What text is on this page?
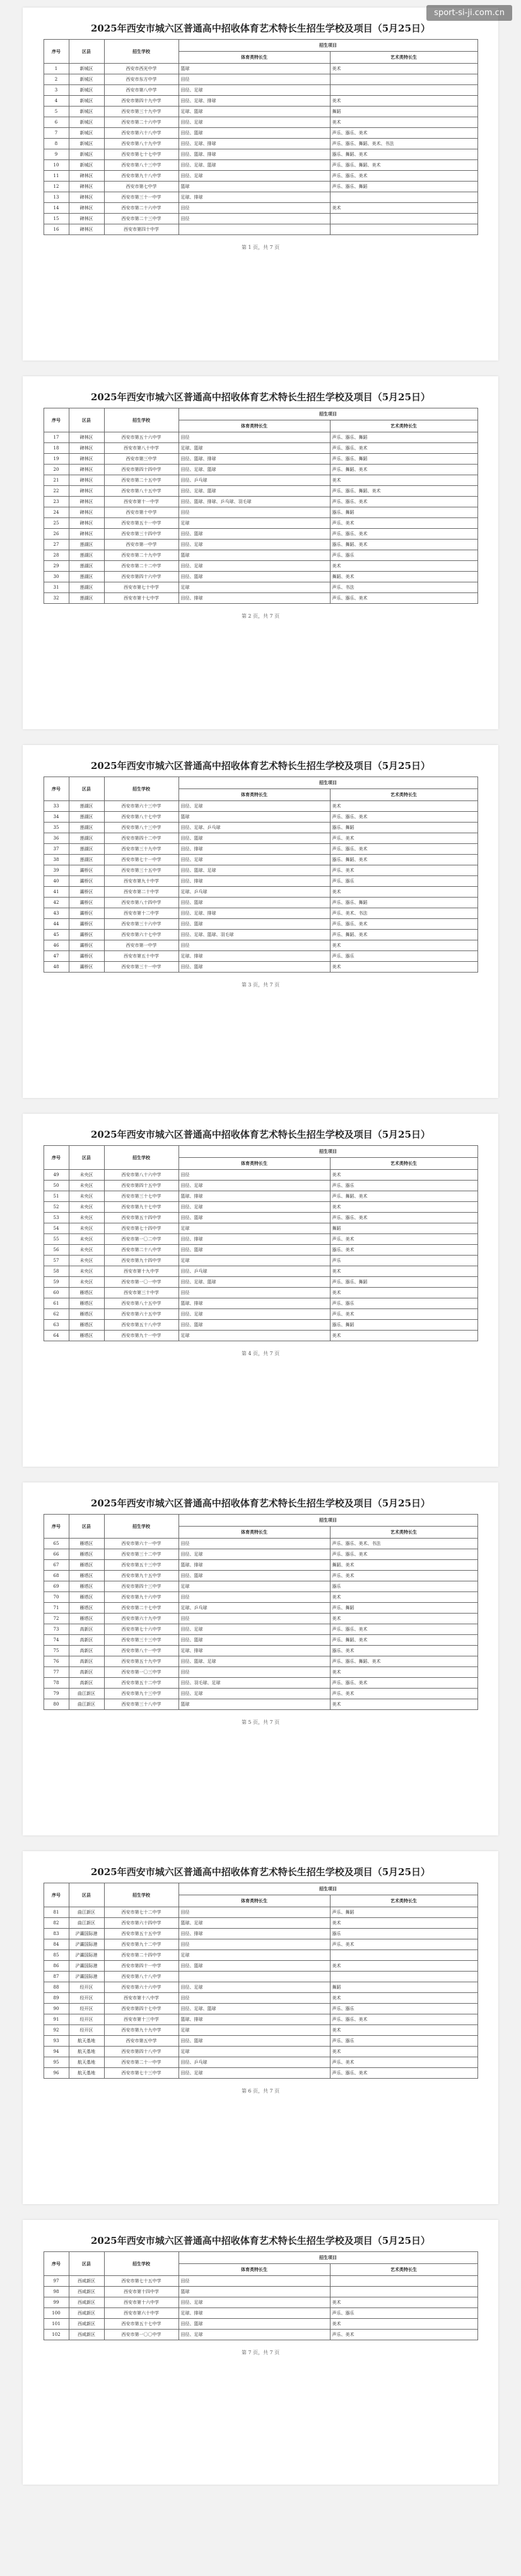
sport-si-ji.com.cn
2025年西安市城六区普通高中招收体育艺术特长生招生学校及项目（5月25日）
序号	区县	招生学校	招生项目	
			体育类特长生	艺术类特长生
1	新城区	西安市西光中学	篮球	美术
2	新城区	西安市东方中学	田径	
3	新城区	西安市第八中学	田径、足球	
4	新城区	西安市第四十九中学	田径、足球、排球	美术
5	新城区	西安市第三十九中学	足球、篮球	舞蹈
6	新城区	西安市第二十六中学	田径、足球	美术
7	新城区	西安市第六十八中学	田径、篮球	声乐、器乐、美术
8	新城区	西安市第八十九中学	田径、足球、排球	声乐、器乐、舞蹈、美术、书法
9	新城区	西安市第七十七中学	田径、篮球、排球	器乐、舞蹈、美术
10	新城区	西安市第八十三中学	田径、足球、篮球	声乐、器乐、舞蹈、美术
11	碑林区	西安市第九十八中学	田径、足球	声乐、器乐、美术
12	碑林区	西安市第七中学	篮球	声乐、器乐、舞蹈
13	碑林区	西安市第三十一中学	足球、排球	
14	碑林区	西安市第二十六中学	田径	美术
15	碑林区	西安市第二十三中学	田径	
16	碑林区	西安市第四十中学		
第 1 页，共 7 页
2025年西安市城六区普通高中招收体育艺术特长生招生学校及项目（5月25日）
序号	区县	招生学校	招生项目	
			体育类特长生	艺术类特长生
17	碑林区	西安市第五十六中学	田径	声乐、器乐、舞蹈
18	碑林区	西安市第八十中学	足球、篮球	声乐、器乐、美术
19	碑林区	西安市第三中学	田径、篮球、排球	声乐、器乐、舞蹈
20	碑林区	西安市第四十四中学	田径、足球、篮球	声乐、舞蹈、美术
21	碑林区	西安市第二十五中学	田径、乒乓球	美术
22	碑林区	西安市第八十五中学	田径、足球、篮球	声乐、器乐、舞蹈、美术
23	碑林区	西安市第十一中学	田径、篮球、排球、乒乓球、羽毛球	声乐、器乐、美术
24	碑林区	西安市第十中学	田径	器乐、舞蹈
25	碑林区	西安市第五十一中学	足球	声乐、美术
26	碑林区	西安市第三十四中学	田径、篮球	声乐、器乐、美术
27	莲湖区	西安市第一中学	田径、足球	器乐、舞蹈、美术
28	莲湖区	西安市第二十九中学	篮球	声乐、器乐
29	莲湖区	西安市第二十二中学	田径、足球	美术
30	莲湖区	西安市第四十六中学	田径、篮球	舞蹈、美术
31	莲湖区	西安市第七十中学	足球	声乐、书法
32	莲湖区	西安市第十七中学	田径、排球	声乐、器乐、美术
第 2 页，共 7 页
2025年西安市城六区普通高中招收体育艺术特长生招生学校及项目（5月25日）
序号	区县	招生学校	招生项目	
			体育类特长生	艺术类特长生
33	莲湖区	西安市第六十三中学	田径、足球	美术
34	莲湖区	西安市第八十七中学	篮球	声乐、器乐、美术
35	莲湖区	西安市第八十三中学	田径、足球、乒乓球	器乐、舞蹈
36	莲湖区	西安市第四十二中学	田径、篮球	声乐、美术
37	莲湖区	西安市第三十九中学	田径、排球	声乐、器乐、美术
38	莲湖区	西安市第七十一中学	田径、足球	器乐、舞蹈、美术
39	灞桥区	西安市第三十五中学	田径、篮球、足球	声乐、美术
40	灞桥区	西安市第九十中学	田径、排球	声乐、器乐
41	灞桥区	西安市第二十中学	足球、乒乓球	美术
42	灞桥区	西安市第八十四中学	田径、篮球	声乐、器乐、舞蹈
43	灞桥区	西安市第十二中学	田径、足球、排球	声乐、美术、书法
44	灞桥区	西安市第三十六中学	田径、篮球	声乐、器乐、美术
45	灞桥区	西安市第六十七中学	田径、足球、篮球、羽毛球	声乐、舞蹈、美术
46	灞桥区	西安市第一中学	田径	美术
47	灞桥区	西安市第五十中学	足球、排球	声乐、器乐
48	灞桥区	西安市第三十一中学	田径、篮球	美术
第 3 页，共 7 页
2025年西安市城六区普通高中招收体育艺术特长生招生学校及项目（5月25日）
序号	区县	招生学校	招生项目	
			体育类特长生	艺术类特长生
49	未央区	西安市第八十六中学	田径	美术
50	未央区	西安市第四十五中学	田径、足球	声乐、器乐
51	未央区	西安市第三十七中学	篮球、排球	声乐、舞蹈、美术
52	未央区	西安市第九十七中学	田径、足球	美术
53	未央区	西安市第五十四中学	田径、篮球	声乐、器乐、美术
54	未央区	西安市第七十四中学	足球	舞蹈
55	未央区	西安市第一〇二中学	田径、排球	声乐、美术
56	未央区	西安市第二十八中学	田径、篮球	器乐、美术
57	未央区	西安市第九十四中学	足球	声乐
58	未央区	西安市第十九中学	田径、乒乓球	美术
59	未央区	西安市第一〇一中学	田径、足球、篮球	声乐、器乐、舞蹈
60	雁塔区	西安市第三十中学	田径	美术
61	雁塔区	西安市第八十五中学	篮球、排球	声乐、器乐
62	雁塔区	西安市第六十五中学	田径、足球	声乐、美术
63	雁塔区	西安市第五十八中学	田径、篮球	器乐、舞蹈
64	雁塔区	西安市第九十一中学	足球	美术
第 4 页，共 7 页
2025年西安市城六区普通高中招收体育艺术特长生招生学校及项目（5月25日）
序号	区县	招生学校	招生项目	
			体育类特长生	艺术类特长生
65	雁塔区	西安市第六十一中学	田径	声乐、器乐、美术、书法
66	雁塔区	西安市第三十二中学	田径、足球	声乐、器乐、美术
67	雁塔区	西安市第五十三中学	篮球、排球	舞蹈、美术
68	雁塔区	西安市第九十五中学	田径、篮球	声乐、美术
69	雁塔区	西安市第四十三中学	足球	器乐
70	雁塔区	西安市第九十六中学	田径	美术
71	雁塔区	西安市第二十七中学	足球、乒乓球	声乐、舞蹈
72	雁塔区	西安市第六十九中学	田径	美术
73	高新区	西安市第七十六中学	田径、足球	声乐、器乐、美术
74	高新区	西安市第三十三中学	田径、篮球	声乐、舞蹈、美术
75	高新区	西安市第八十一中学	足球、排球	器乐、美术
76	高新区	西安市第五十九中学	田径、篮球、足球	声乐、器乐、舞蹈、美术
77	高新区	西安市第一〇三中学	田径	美术
78	高新区	西安市第五十二中学	田径、羽毛球、足球	声乐、器乐、美术
79	曲江新区	西安市第九十三中学	田径、足球	声乐、美术
80	曲江新区	西安市第三十八中学	篮球	美术
第 5 页，共 7 页
2025年西安市城六区普通高中招收体育艺术特长生招生学校及项目（5月25日）
序号	区县	招生学校	招生项目	
			体育类特长生	艺术类特长生
81	曲江新区	西安市第七十二中学	田径	声乐、舞蹈
82	曲江新区	西安市第六十四中学	篮球、足球	美术
83	浐灞国际港	西安市第五十五中学	田径、排球	器乐
84	浐灞国际港	西安市第九十二中学	田径	声乐、美术
85	浐灞国际港	西安市第二十四中学	足球	
86	浐灞国际港	西安市第四十一中学	田径、篮球	美术
87	浐灞国际港	西安市第八十八中学		
88	经开区	西安市第六十六中学	田径、足球	舞蹈
89	经开区	西安市第十八中学	田径	美术
90	经开区	西安市第四十七中学	田径、足球、篮球	声乐、器乐
91	经开区	西安市第十三中学	篮球、排球	声乐、器乐、美术
92	经开区	西安市第九十九中学	足球	美术
93	航天基地	西安市第五中学	田径、篮球	声乐、器乐
94	航天基地	西安市第四十八中学	足球	美术
95	航天基地	西安市第二十一中学	田径、乒乓球	声乐、美术
96	航天基地	西安市第七十三中学	田径、足球	声乐、器乐、美术
第 6 页，共 7 页
2025年西安市城六区普通高中招收体育艺术特长生招生学校及项目（5月25日）
序号	区县	招生学校	招生项目	
			体育类特长生	艺术类特长生
97	西咸新区	西安市第七十五中学	田径	
98	西咸新区	西安市第十四中学	篮球	
99	西咸新区	西安市第十六中学	田径、足球	美术
100	西咸新区	西安市第六十中学	足球、排球	声乐、器乐
101	西咸新区	西安市第五十七中学	田径、篮球	美术
102	西咸新区	西安市第一〇〇中学	田径、足球	声乐、美术
第 7 页，共 7 页
